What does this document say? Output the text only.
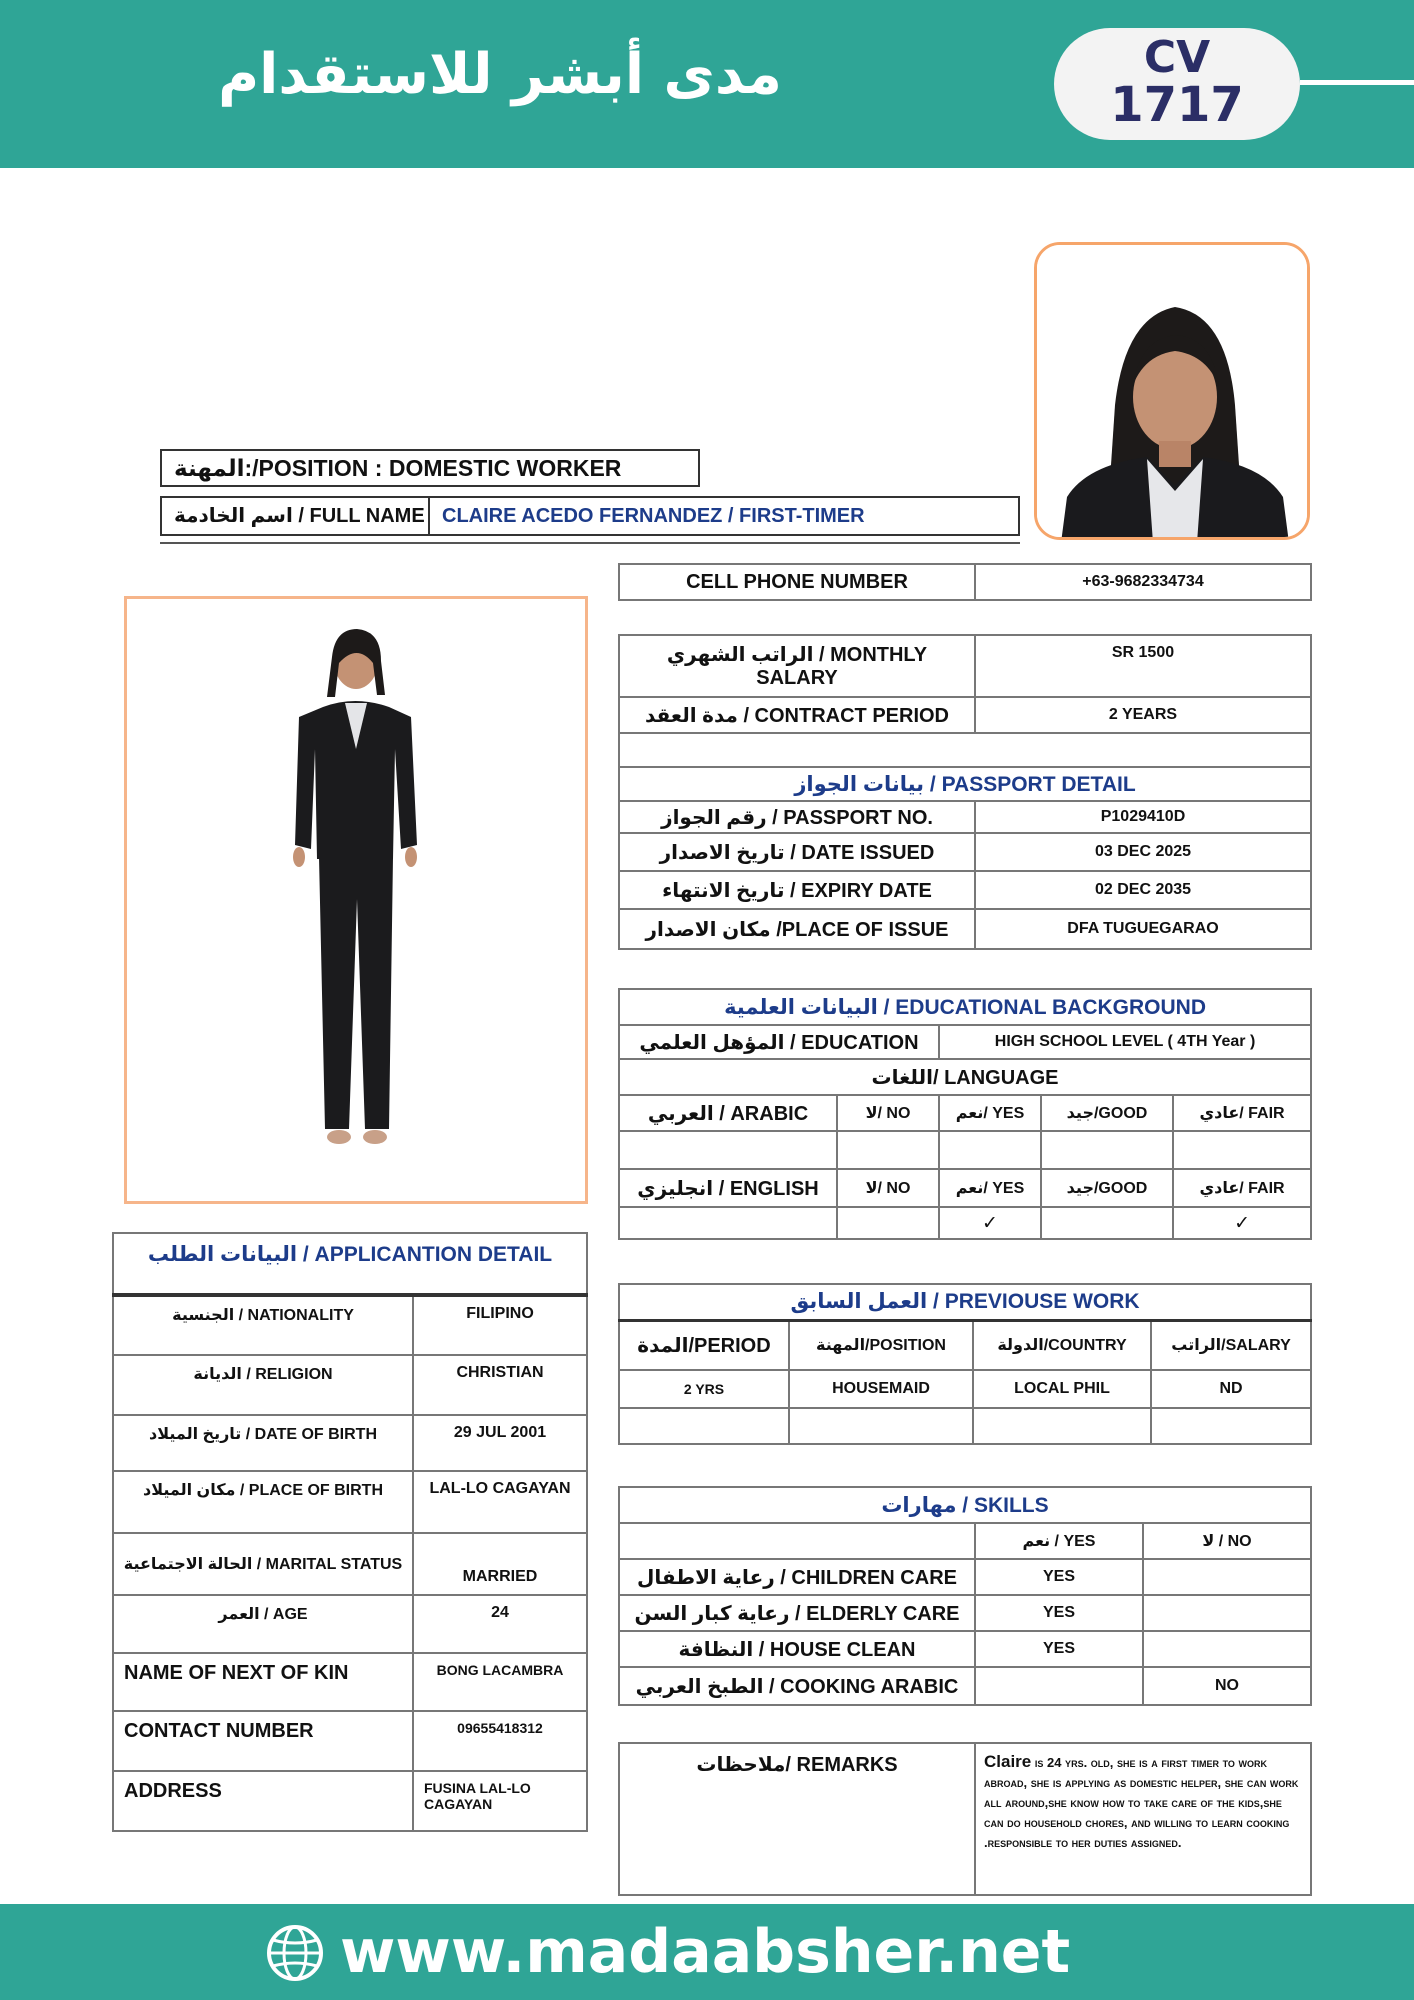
مدى أبشر للاستقدام	CV
1717
المهنة:/POSITION : DOMESTIC WORKER
اسم الخادمة / FULL NAME CLAIRE ACEDO FERNANDEZ / FIRST-TIMER
CELL PHONE NUMBER	+63-9682334734
الراتب الشهري / MONTHLY SALARY	SR 1500
مدة العقد / CONTRACT PERIOD	2 YEARS

بيانات الجواز / PASSPORT DETAIL	
رقم الجواز / PASSPORT NO.	P1029410D
تاريخ الاصدار / DATE ISSUED	03 DEC 2025
تاريخ الانتهاء / EXPIRY DATE	02 DEC 2035
مكان الاصدار /PLACE OF ISSUE	DFA TUGUEGARAO
البيانات العلمية / EDUCATIONAL BACKGROUND				
المؤهل العلمي / EDUCATION		HIGH SCHOOL LEVEL ( 4TH Year )		
اللغات/ LANGUAGE				
العربي / ARABIC	لا/ NO	نعم/ YES	جيد/GOOD	عادي/ FAIR

انجليزي / ENGLISH	لا/ NO	نعم/ YES	جيد/GOOD	عادي/ FAIR
		✓		✓
العمل السابق / PREVIOUSE WORK			
المدة/PERIOD	المهنة/POSITION	الدولة/COUNTRY	الراتب/SALARY
2 YRS	HOUSEMAID	LOCAL PHIL	ND

مهارات / SKILLS		
	نعم / YES	لا / NO
رعاية الاطفال / CHILDREN CARE	YES	
رعاية كبار السن / ELDERLY CARE	YES	
النظافة / HOUSE CLEAN	YES	
الطبخ العربي / COOKING ARABIC		NO
ملاحظات/ REMARKS	Claire is 24 yrs. old, she is a first timer to work abroad, she is applying as domestic helper, she can work all around,she know how to take care of the kids,she can do household chores, and willing to learn cooking .responsible to her duties assigned.
البيانات الطلب / APPLICANTION DETAIL	
الجنسية / NATIONALITY	FILIPINO
الديانة / RELIGION	CHRISTIAN
تاريخ الميلاد / DATE OF BIRTH	29 JUL 2001
مكان الميلاد / PLACE OF BIRTH	LAL-LO CAGAYAN
الحالة الاجتماعية / MARITAL STATUS	MARRIED
العمر / AGE	24
NAME OF NEXT OF KIN	BONG LACAMBRA
CONTACT NUMBER	09655418312
ADDRESS	FUSINA LAL-LO CAGAYAN
www.madaabsher.net
